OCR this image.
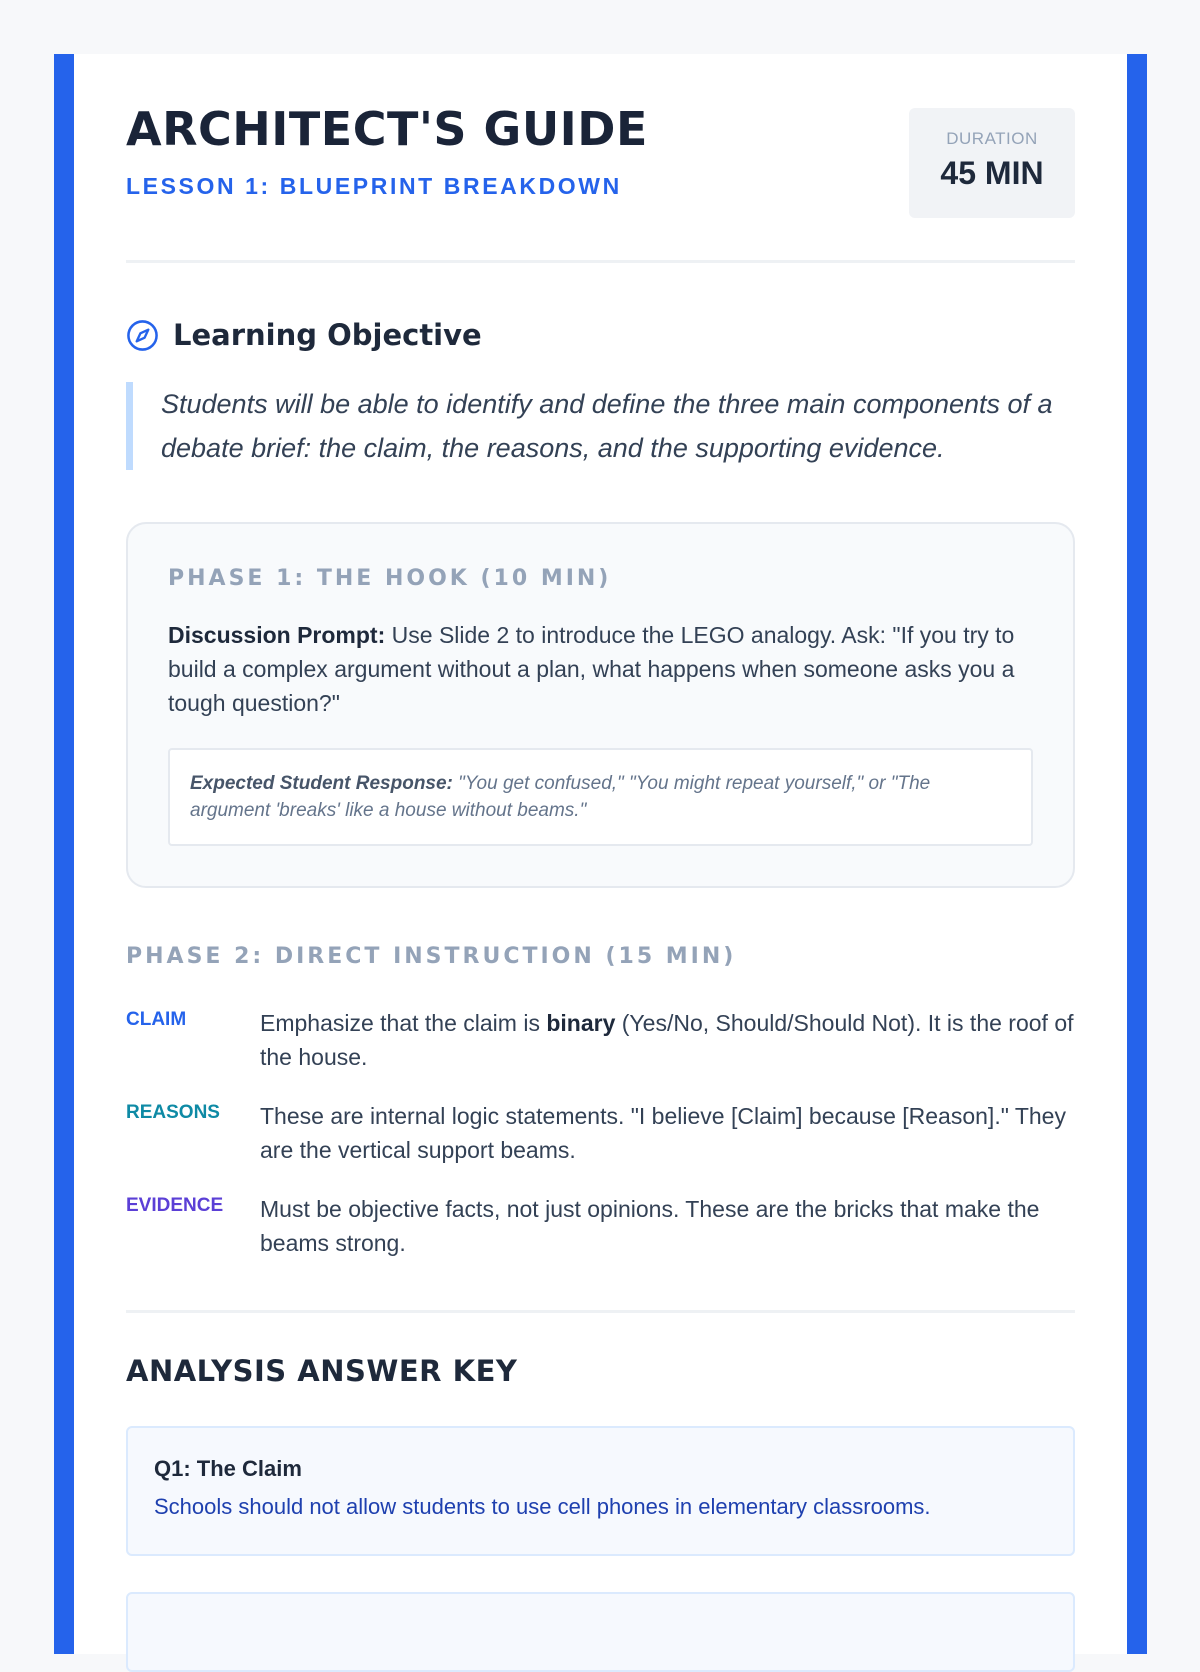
ARCHITECT'S GUIDE
LESSON 1: BLUEPRINT BREAKDOWN
DURATION
45 MIN
Learning Objective
Students will be able to identify and define the three main components of a debate brief: the claim, the reasons, and the supporting evidence.
PHASE 1: THE HOOK (10 MIN)
Discussion Prompt: Use Slide 2 to introduce the LEGO analogy. Ask: "If you try to build a complex argument without a plan, what happens when someone asks you a tough question?"
Expected Student Response: "You get confused," "You might repeat yourself," or "The argument 'breaks' like a house without beams."
PHASE 2: DIRECT INSTRUCTION (15 MIN)
CLAIM	Emphasize that the claim is binary (Yes/No, Should/Should Not). It is the roof of the house.
REASONS	These are internal logic statements. "I believe [Claim] because [Reason]." They are the vertical support beams.
EVIDENCE	Must be objective facts, not just opinions. These are the bricks that make the beams strong.
ANALYSIS ANSWER KEY
Q1: The Claim
Schools should not allow students to use cell phones in elementary classrooms.
